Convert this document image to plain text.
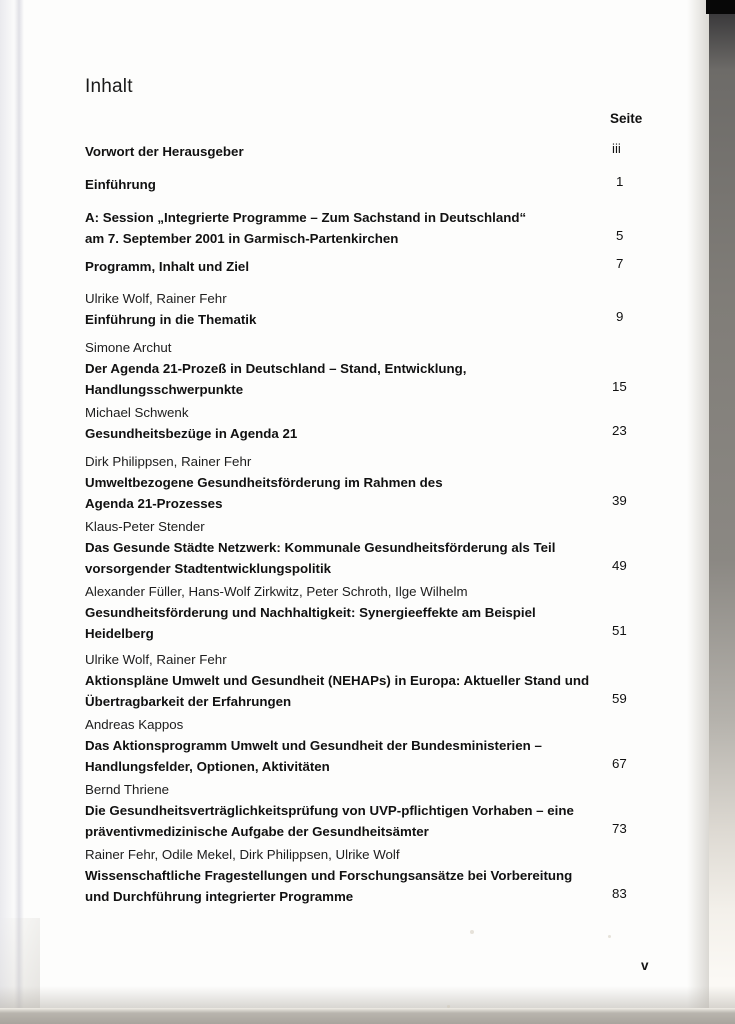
Inhalt
Seite
Vorwort der Herausgeber .....	iii
Einführung .....	1
A: Session „Integrierte Programme – Zum Sachstand in Deutschland“
am 7. September 2001 in Garmisch-Partenkirchen .....	5
Programm, Inhalt und Ziel .....	7
Ulrike Wolf, Rainer Fehr
Einführung in die Thematik .....	9
Simone Archut
Der Agenda 21-Prozeß in Deutschland – Stand, Entwicklung,
Handlungsschwerpunkte .....	15
Michael Schwenk
Gesundheitsbezüge in Agenda 21 .....	23
Dirk Philippsen, Rainer Fehr
Umweltbezogene Gesundheitsförderung im Rahmen des
Agenda 21-Prozesses .....	39
Klaus-Peter Stender
Das Gesunde Städte Netzwerk: Kommunale Gesundheitsförderung als Teil
vorsorgender Stadtentwicklungspolitik .....	49
Alexander Füller, Hans-Wolf Zirkwitz, Peter Schroth, Ilge Wilhelm
Gesundheitsförderung und Nachhaltigkeit: Synergieeffekte am Beispiel
Heidelberg .....	51
Ulrike Wolf, Rainer Fehr
Aktionspläne Umwelt und Gesundheit (NEHAPs) in Europa: Aktueller Stand und
Übertragbarkeit der Erfahrungen .....	59
Andreas Kappos
Das Aktionsprogramm Umwelt und Gesundheit der Bundesministerien –
Handlungsfelder, Optionen, Aktivitäten .....	67
Bernd Thriene
Die Gesundheitsverträglichkeitsprüfung von UVP-pflichtigen Vorhaben – eine
präventivmedizinische Aufgabe der Gesundheitsämter .....	73
Rainer Fehr, Odile Mekel, Dirk Philippsen, Ulrike Wolf
Wissenschaftliche Fragestellungen und Forschungsansätze bei Vorbereitung
und Durchführung integrierter Programme .....	83
v
